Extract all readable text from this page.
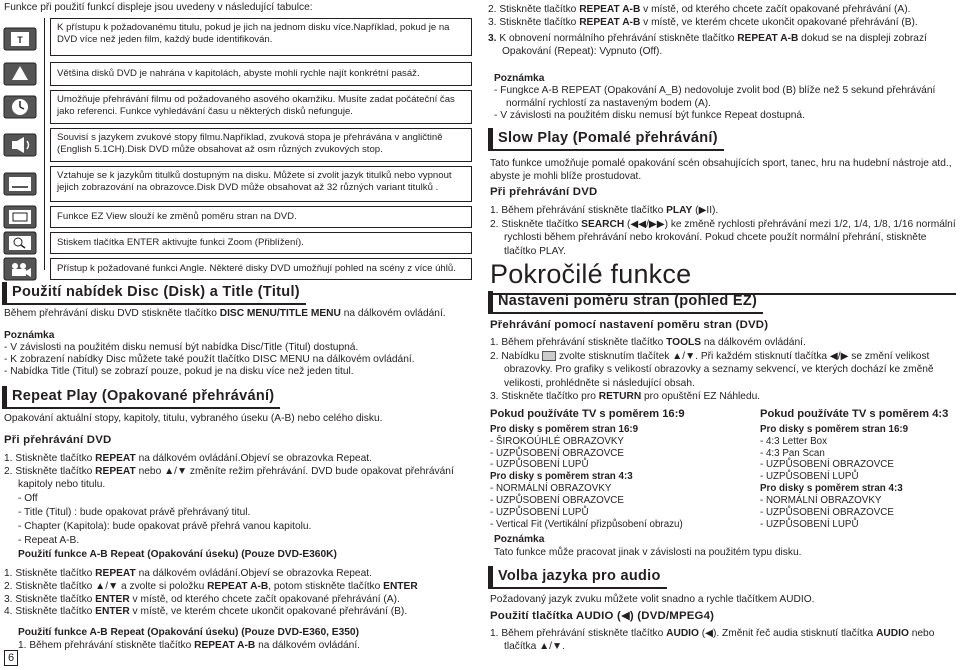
Funkce při použití funkcí displeje jsou uvedeny v následující tabulce:
T
K přístupu k požadovanému titulu, pokud je jich na jednom disku více.Například, pokud je na DVD více než jeden film, každý bude identifikován.
Většina disků DVD je nahrána v kapitolách, abyste mohli rychle najít konkrétní pasáž.
Umožňuje přehrávání filmu od požadovaného asového okamžiku. Musíte zadat počáteční čas jako referenci. Funkce vyhledávání času u některých disků nefunguje.
Souvisí s jazykem zvukové stopy filmu.Například, zvuková stopa je přehrávána v angličtině (English 5.1CH).Disk DVD může obsahovat až osm různých zvukových stop.
Vztahuje se k jazykům titulků dostupným na disku. Můžete si zvolit jazyk titulků nebo vypnout jejich zobrazování na obrazovce.Disk DVD může obsahovat až 32 různých variant titulků .
Funkce EZ View slouží ke změnů poměru stran na DVD.
Stiskem tlačítka ENTER aktivujte funkci Zoom (Přiblížení).
Přístup k požadované funkci Angle. Některé disky DVD umožňují pohled na scény z více úhlů.
Použití nabídek Disc (Disk) a Title (Titul)
Během přehrávání disku DVD stiskněte tlačítko DISC MENU/TITLE MENU na dálkovém ovládání.
Poznámka
- V závislosti na použitém disku nemusí být nabídka Disc/Title (Titul) dostupná.
- K zobrazení nabídky Disc můžete také použít tlačítko DISC MENU na dálkovém ovládání.
- Nabídka Title (Titul) se zobrazí pouze, pokud je na disku více než jeden titul.
Repeat Play (Opakované přehrávání)
Opakování aktuální stopy, kapitoly, titulu, vybraného úseku (A-B) nebo celého disku.
Při přehrávání DVD
1. Stiskněte tlačítko REPEAT na dálkovém ovládání.Objeví se obrazovka Repeat.
2. Stiskněte tlačítko REPEAT nebo ▲/▼ změníte režim přehrávání. DVD bude opakovat přehrávání kapitoly nebo titulu.
- Off
- Title (Titul) : bude opakovat právě přehrávaný titul.
- Chapter (Kapitola): bude opakovat právě přehrá vanou kapitolu.
- Repeat A-B.
Použití funkce A-B Repeat (Opakování úseku) (Pouze DVD-E360K)
1. Stiskněte tlačítko REPEAT na dálkovém ovládání.Objeví se obrazovka Repeat.
2. Stiskněte tlačítko ▲/▼ a zvolte si položku REPEAT A-B, potom stiskněte tlačítko ENTER
3. Stiskněte tlačítko ENTER v místě, od kterého chcete začít opakované přehrávání (A).
4. Stiskněte tlačítko ENTER v místě, ve kterém chcete ukončit opakované přehrávání (B).
Použití funkce A-B Repeat (Opakování úseku) (Pouze DVD-E360, E350)
1. Během přehrávání stiskněte tlačítko REPEAT A-B na dálkovém ovládání.
6
2. Stiskněte tlačítko REPEAT A-B v místě, od kterého chcete začít opakované přehrávání (A).
3. Stiskněte tlačítko REPEAT A-B v místě, ve kterém chcete ukončit opakované přehrávání (B).
3. K obnovení normálního přehrávání stiskněte tlačítko REPEAT A-B dokud se na displeji zobrazí Opakování (Repeat): Vypnuto (Off).
Poznámka
- Fungkce A-B REPEAT (Opakování A_B) nedovoluje zvolit bod (B) blíže než 5 sekund přehrávání normální rychlostí za nastaveným bodem (A).
- V závislosti na použitém disku nemusí být funkce Repeat dostupná.
Slow Play (Pomalé přehrávání)
Tato funkce umožňuje pomalé opakování scén obsahujících sport, tanec, hru na hudební nástroje atd., abyste je mohli blíže prostudovat.
Při přehrávání DVD
1. Během přehrávání stiskněte tlačítko PLAY (▶II).
2. Stiskněte tlačítko SEARCH (◀◀/▶▶) ke změně rychlosti přehrávání mezi 1/2, 1/4, 1/8, 1/16 normální rychlosti během přehrávání nebo krokování. Pokud chcete použít normální přehrání, stiskněte tlačítko PLAY.
Pokročilé funkce
Nastavení poměru stran (pohled EZ)
Přehrávání pomocí nastavení poměru stran (DVD)
1. Během přehrávání stiskněte tlačítko TOOLS na dálkovém ovládání.
2. Nabídku  zvolte stisknutím tlačítek ▲/▼. Při každém stisknutí tlačítka ◀/▶ se změní velikost obrazovky. Pro grafiky s velikostí obrazovky a seznamy sekvencí, ve kterých dochází ke změně velikosti, prohlédněte si následující obsah.
3. Stiskněte tlačítko pro RETURN pro opuštění EZ Náhledu.
Pokud používáte TV s poměrem 16:9
Pro disky s poměrem stran 16:9
- ŠIROKOÚHLÉ OBRAZOVKY
- UZPŮSOBENÍ OBRAZOVCE
- UZPŮSOBENÍ LUPŮ
Pro disky s poměrem stran 4:3
- NORMÁLNÍ OBRAZOVKY
- UZPŮSOBENÍ OBRAZOVCE
- UZPŮSOBENÍ LUPŮ
- Vertical Fit (Vertikální přizpůsobení obrazu)
Pokud používáte TV s poměrem 4:3
Pro disky s poměrem stran 16:9
- 4:3 Letter Box
- 4:3 Pan Scan
- UZPŮSOBENÍ OBRAZOVCE
- UZPŮSOBENÍ LUPŮ
Pro disky s poměrem stran 4:3
- NORMÁLNÍ OBRAZOVKY
- UZPŮSOBENÍ OBRAZOVCE
- UZPŮSOBENÍ LUPŮ
Poznámka
Tato funkce může pracovat jinak v závislosti na použitém typu disku.
Volba jazyka pro audio
Požadovaný jazyk zvuku můžete volit snadno a rychle tlačítkem AUDIO.
Použití tlačítka AUDIO (◀) (DVD/MPEG4)
1. Během přehrávání stiskněte tlačítko AUDIO (◀). Změnit řeč audia stisknutí tlačítka AUDIO nebo tlačítka ▲/▼.
